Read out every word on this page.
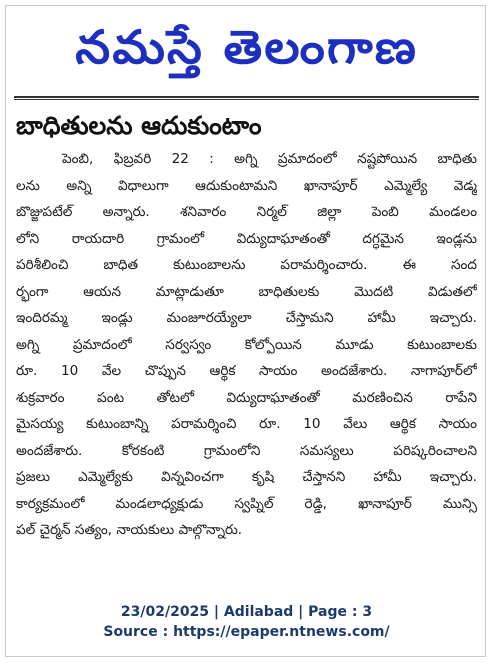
నమస్తే తెలంగాణ
బాధితులను ఆదుకుంటాం
పెంబి, ఫిబ్రవరి 22 : అగ్ని ప్రమాదంలో నష్టపోయిన బాధితు
లను అన్ని విధాలుగా ఆదుకుంటామని ఖానాపూర్ ఎమ్మెల్యే వెడ్మ
బొజ్జుపటేల్ అన్నారు. శనివారం నిర్మల్ జిల్లా పెంబి మండలం
లోని రాయదారి గ్రామంలో విద్యుదాఘాతంతో దగ్ధమైన ఇండ్లను
పరిశీలించి బాధిత కుటుంబాలను పరామర్శించారు. ఈ సంద
ర్భంగా ఆయన మాట్లాడుతూ బాధితులకు మొదటి విడుతలో
ఇందిరమ్మ ఇండ్లు మంజూరయ్యేలా చేస్తామని హామీ ఇచ్చారు.
అగ్ని ప్రమాదంలో సర్వస్వం కోల్పోయిన మూడు కుటుంబాలకు
రూ. 10 వేల చొప్పున ఆర్థిక సాయం అందజేశారు. నాగాపూర్‌లో
శుక్రవారం పంట తోటలో విద్యుదాఘాతంతో మరణించిన రాపేని
మైసయ్య కుటుంబాన్ని పరామర్శించి రూ. 10 వేలు ఆర్థిక సాయం
అందజేశారు. కోరకంటి గ్రామంలోని సమస్యలు పరిష్కరించాలని
ప్రజలు ఎమ్మెల్యేకు విన్నవించగా కృషి చేస్తానని హామీ ఇచ్చారు.
కార్యక్రమంలో మండలాధ్యక్షుడు స్వప్నిల్ రెడ్డి, ఖానాపూర్ మున్సి
పల్ చైర్మన్ సత్యం, నాయకులు పాల్గొన్నారు.
23/02/2025 | Adilabad | Page : 3
Source : https://epaper.ntnews.com/
